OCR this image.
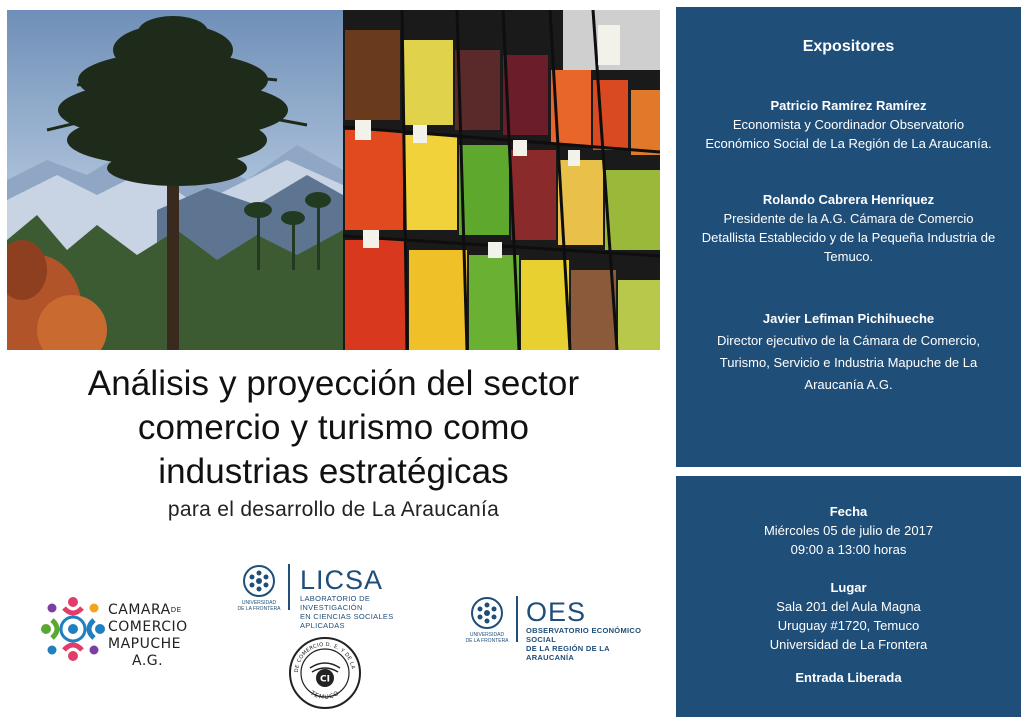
Análisis y proyección del sector
comercio y turismo como
industrias estratégicas
para el desarrollo de La Araucanía
Expositores
Patricio Ramírez Ramírez
Economista y Coordinador Observatorio
Económico Social de La Región de La Araucanía.
Rolando Cabrera Henriquez
Presidente de la A.G. Cámara de Comercio
Detallista Establecido y de la Pequeña Industria de
Temuco.
Javier Lefiman Pichihueche
Director ejecutivo de la Cámara de Comercio,
Turismo, Servicio e Industria Mapuche de La
Araucanía A.G.
Fecha
Miércoles 05 de julio de 2017
09:00 a 13:00 horas
Lugar
Sala 201 del Aula Magna
Uruguay #1720, Temuco
Universidad de La Frontera
Entrada Liberada
$CAMARA^{DE}$
COMERCIO
MAPUCHE
A.G.
UNIVERSIDAD
DE LA FRONTERA
LICSA
LABORATORIO DE INVESTIGACIÓN
EN CIENCIAS SOCIALES APLICADAS
UNIVERSIDAD
DE LA FRONTERA
OES
OBSERVATORIO ECONÓMICO SOCIAL
DE LA REGIÓN DE LA ARAUCANÍA
DE COMERCIO D. E. Y DE LA
TEMUCO
CI
